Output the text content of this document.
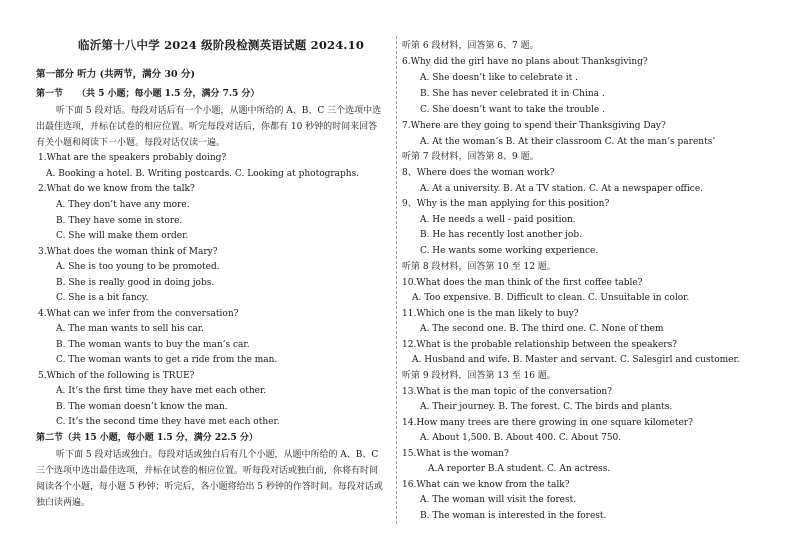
临沂第十八中学 2024 级阶段检测英语试题 2024.10
第一部分 听力 (共两节，满分 30 分)
第一节 （共 5 小题；每小题 1.5 分，满分 7.5 分）
听下面 5 段对话。每段对话后有一个小题，从题中所给的 A、B、C 三个选项中选
出最佳选项，并标在试卷的相应位置。听完每段对话后，你都有 10 秒钟的时间来回答
有关小题和阅读下一小题。每段对话仅读一遍。
1.What are the speakers probably doing?
A. Booking a hotel. B. Writing postcards. C. Looking at photographs.
2.What do we know from the talk?
A. They don’t have any more.
B. They have some in store.
C. She will make them order.
3.What does the woman think of Mary?
A. She is too young to be promoted.
B. She is really good in doing jobs.
C. She is a bit fancy.
4.What can we infer from the conversation?
A. The man wants to sell his car.
B. The woman wants to buy the man’s car.
C. The woman wants to get a ride from the man.
5.Which of the following is TRUE?
A. It’s the first time they have met each other.
B. The woman doesn’t know the man.
C. It’s the second time they have met each other.
第二节（共 15 小题，每小题 1.5 分，满分 22.5 分）
听下面 5 段对话或独白。每段对话或独白后有几个小题，从题中所给的 A、B、C
三个选项中选出最佳选项，并标在试卷的相应位置。听每段对话或独白前，你将有时间
阅读各个小题，每小题 5 秒钟；听完后，各小题将给出 5 秒钟的作答时间。每段对话或
独白读两遍。
听第 6 段材料，回答第 6、7 题。
6.Why did the girl have no plans about Thanksgiving?
A. She doesn’t like to celebrate it .
B. She has never celebrated it in China .
C. She doesn’t want to take the trouble .
7.Where are they going to spend their Thanksgiving Day?
A. At the woman’s B. At their classroom C. At the man’s parents’
听第 7 段材料，回答第 8、9 题。
8、Where does the woman work?
A. At a university. B. At a TV station. C. At a newspaper office.
9、Why is the man applying for this position?
A. He needs a well - paid position.
B. He has recently lost another job.
C. He wants some working experience.
听第 8 段材料，回答第 10 至 12 题。
10.What does the man think of the first coffee table?
A. Too expensive. B. Difficult to clean. C. Unsuitable in color.
11.Which one is the man likely to buy?
A. The second one. B. The third one. C. None of them
12.What is the probable relationship between the speakers?
A. Husband and wife. B. Master and servant. C. Salesgirl and customer.
听第 9 段材料，回答第 13 至 16 题。
13.What is the man topic of the conversation?
A. Their journey. B. The forest. C. The birds and plants.
14.How many trees are there growing in one square kilometer?
A. About 1,500. B. About 400. C. About 750.
15.What is the woman?
A.A reporter B.A student. C. An actress.
16.What can we know from the talk?
A. The woman will visit the forest.
B. The woman is interested in the forest.
